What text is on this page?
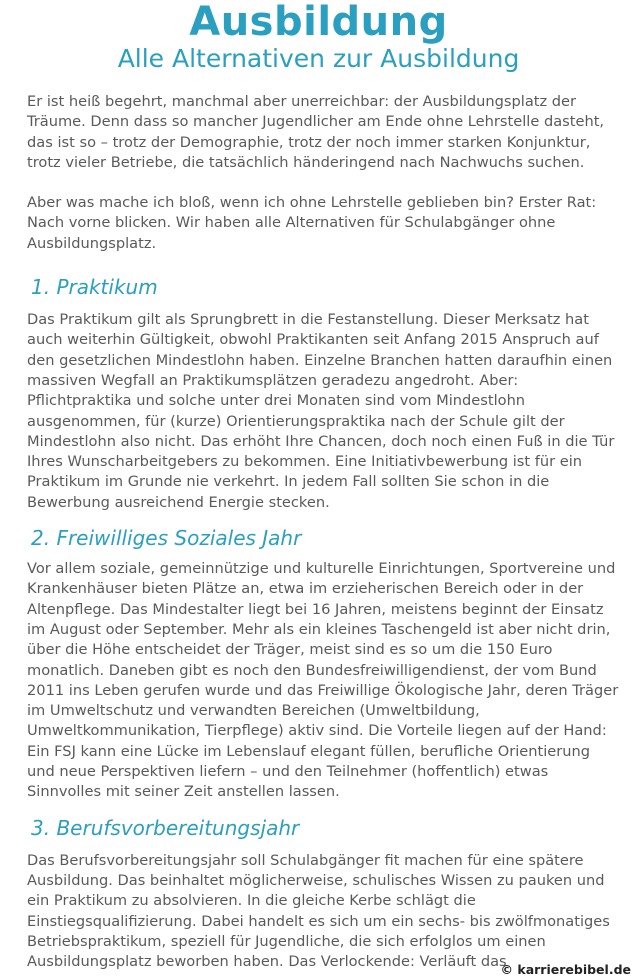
Ausbildung
Alle Alternativen zur Ausbildung

Er ist heiß begehrt, manchmal aber unerreichbar: der Ausbildungsplatz der Träume. Denn dass so mancher Jugendlicher am Ende ohne Lehrstelle dasteht, das ist so – trotz der Demographie, trotz der noch immer starken Konjunktur, trotz vieler Betriebe, die tatsächlich händeringend nach Nachwuchs suchen.

Aber was mache ich bloß, wenn ich ohne Lehrstelle geblieben bin? Erster Rat: Nach vorne blicken. Wir haben alle Alternativen für Schulabgänger ohne Ausbildungsplatz.

1. Praktikum

Das Praktikum gilt als Sprungbrett in die Festanstellung. Dieser Merksatz hat auch weiterhin Gültigkeit, obwohl Praktikanten seit Anfang 2015 Anspruch auf den gesetzlichen Mindestlohn haben. Einzelne Branchen hatten daraufhin einen massiven Wegfall an Praktikumsplätzen geradezu angedroht. Aber: Pflichtpraktika und solche unter drei Monaten sind vom Mindestlohn ausgenommen, für (kurze) Orientierungspraktika nach der Schule gilt der Mindestlohn also nicht. Das erhöht Ihre Chancen, doch noch einen Fuß in die Tür Ihres Wunscharbeitgebers zu bekommen. Eine Initiativbewerbung ist für ein Praktikum im Grunde nie verkehrt. In jedem Fall sollten Sie schon in die Bewerbung ausreichend Energie stecken.

2. Freiwilliges Soziales Jahr

Vor allem soziale, gemeinnützige und kulturelle Einrichtungen, Sportvereine und Krankenhäuser bieten Plätze an, etwa im erzieherischen Bereich oder in der Altenpflege. Das Mindestalter liegt bei 16 Jahren, meistens beginnt der Einsatz im August oder September. Mehr als ein kleines Taschengeld ist aber nicht drin, über die Höhe entscheidet der Träger, meist sind es so um die 150 Euro monatlich. Daneben gibt es noch den Bundesfreiwilligendienst, der vom Bund 2011 ins Leben gerufen wurde und das Freiwillige Ökologische Jahr, deren Träger im Umweltschutz und verwandten Bereichen (Umweltbildung, Umweltkommunikation, Tierpflege) aktiv sind. Die Vorteile liegen auf der Hand: Ein FSJ kann eine Lücke im Lebenslauf elegant füllen, berufliche Orientierung und neue Perspektiven liefern – und den Teilnehmer (hoffentlich) etwas Sinnvolles mit seiner Zeit anstellen lassen.

3. Berufsvorbereitungsjahr

Das Berufsvorbereitungsjahr soll Schulabgänger fit machen für eine spätere Ausbildung. Das beinhaltet möglicherweise, schulisches Wissen zu pauken und ein Praktikum zu absolvieren. In die gleiche Kerbe schlägt die Einstiegsqualifizierung. Dabei handelt es sich um ein sechs- bis zwölfmonatiges Betriebspraktikum, speziell für Jugendliche, die sich erfolglos um einen Ausbildungsplatz beworben haben. Das Verlockende: Verläuft das

© karrierebibel.de
